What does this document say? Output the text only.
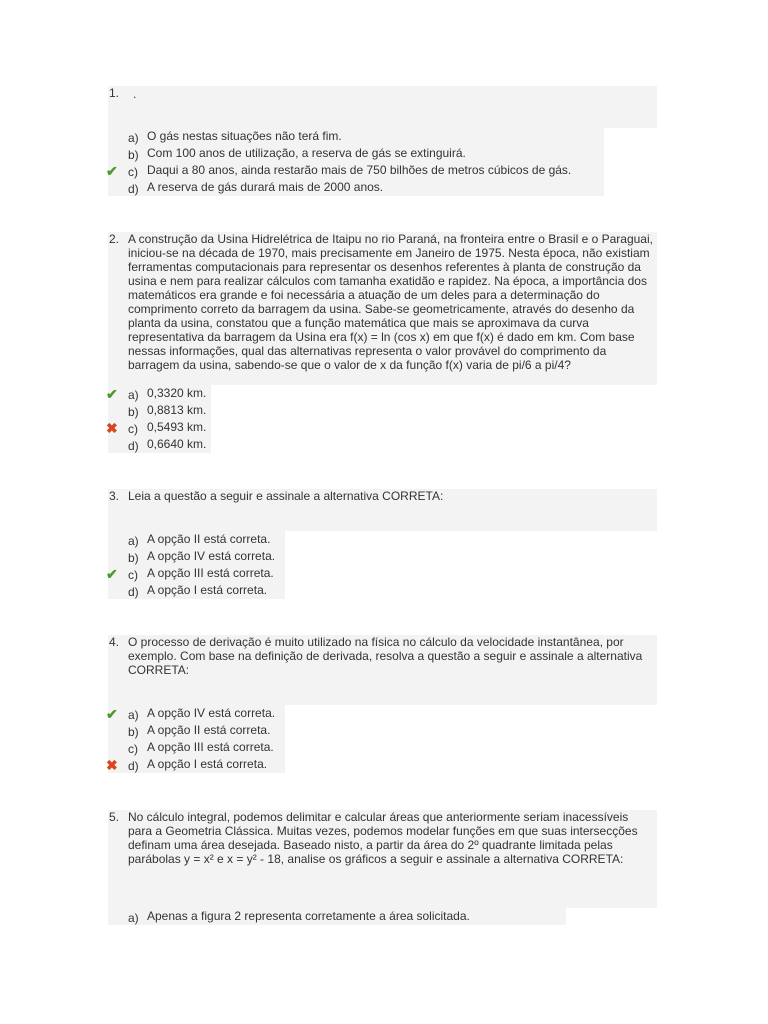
1.	.
a) O gás nestas situações não terá fim.
b) Com 100 anos de utilização, a reserva de gás se extinguirá.
✔ c) Daqui a 80 anos, ainda restarão mais de 750 bilhões de metros cúbicos de gás.
d) A reserva de gás durará mais de 2000 anos.
2. A construção da Usina Hidrelétrica de Itaipu no rio Paraná, na fronteira entre o Brasil e o Paraguai, iniciou-se na década de 1970, mais precisamente em Janeiro de 1975. Nesta época, não existiam ferramentas computacionais para representar os desenhos referentes à planta de construção da usina e nem para realizar cálculos com tamanha exatidão e rapidez. Na época, a importância dos matemáticos era grande e foi necessária a atuação de um deles para a determinação do comprimento correto da barragem da usina. Sabe-se geometricamente, através do desenho da planta da usina, constatou que a função matemática que mais se aproximava da curva representativa da barragem da Usina era f(x) = ln (cos x) em que f(x) é dado em km. Com base nessas informações, qual das alternativas representa o valor provável do comprimento da barragem da usina, sabendo-se que o valor de x da função f(x) varia de pi/6 a pi/4?
✔ a) 0,3320 km.
b) 0,8813 km.
✖ c) 0,5493 km.
d) 0,6640 km.
3. Leia a questão a seguir e assinale a alternativa CORRETA:
a) A opção II está correta.
b) A opção IV está correta.
✔ c) A opção III está correta.
d) A opção I está correta.
4. O processo de derivação é muito utilizado na física no cálculo da velocidade instantânea, por exemplo. Com base na definição de derivada, resolva a questão a seguir e assinale a alternativa CORRETA:
✔ a) A opção IV está correta.
b) A opção II está correta.
c) A opção III está correta.
✖ d) A opção I está correta.
5. No cálculo integral, podemos delimitar e calcular áreas que anteriormente seriam inacessíveis para a Geometria Clássica. Muitas vezes, podemos modelar funções em que suas intersecções definam uma área desejada. Baseado nisto, a partir da área do 2º quadrante limitada pelas parábolas y = x² e x = y² - 18, analise os gráficos a seguir e assinale a alternativa CORRETA:
a) Apenas a figura 2 representa corretamente a área solicitada.
